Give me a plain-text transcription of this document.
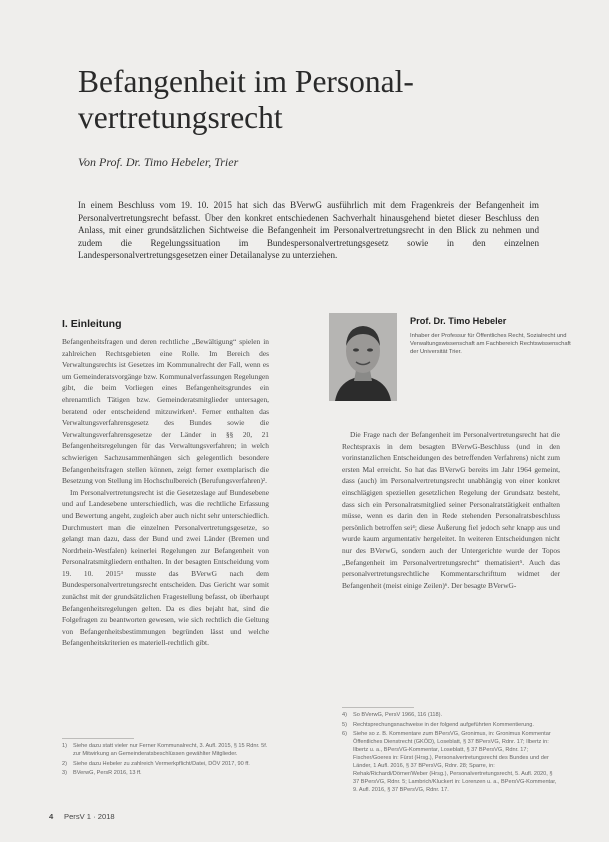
Befangenheit im Personalvertretungsrecht
Von Prof. Dr. Timo Hebeler, Trier

In einem Beschluss vom 19. 10. 2015 hat sich das BVerwG ausführlich mit dem Fragenkreis der Befangenheit im Personalvertretungsrecht befasst. Über den konkret entschiedenen Sachverhalt hinausgehend bietet dieser Beschluss den Anlass, mit einer grundsätzlichen Sichtweise die Befangenheit im Personalvertretungsrecht in den Blick zu nehmen und zudem die Regelungssituation im Bundespersonalvertretungsgesetz sowie in den einzelnen Landespersonalvertretungsgesetzen einer Detailanalyse zu unterziehen.

I. Einleitung

Befangenheitsfragen und deren rechtliche „Bewältigung“ spielen in zahlreichen Rechtsgebieten eine Rolle. Im Bereich des Verwaltungsrechts ist Gesetzes im Kommunalrecht der Fall, wenn es um Gemeinderatsvorgänge bzw. Kommunalverfassungen Regelungen gibt, die beim Vorliegen eines Befangenheitsgrundes ein ehrenamtlich Tätigen bzw. Gemeinderatsmitglieder untersagen, beratend oder entscheidend mitzuwirken¹. Ferner enthalten das Verwaltungsverfahrensgesetz des Bundes sowie die Verwaltungsverfahrensgesetze der Länder in §§ 20, 21 Befangenheitsregelungen für das Verwaltungsverfahren; in welch schwierigen Sachzusammenhängen sich gelegentlich besondere Befangenheitsfragen stellen können, zeigt ferner exemplarisch die Besetzung von Stellung im Hochschulbereich (Berufungsverfahren)².

Im Personalvertretungsrecht ist die Gesetzeslage auf Bundesebene und auf Landesebene unterschiedlich, was die rechtliche Erfassung und Bewertung angeht, zugleich aber auch nicht sehr unterschiedlich. Durchmustert man die einzelnen Personalvertretungsgesetze, so gelangt man dazu, dass der Bund und zwei Länder (Bremen und Nordrhein-Westfalen) keinerlei Regelungen zur Befangenheit von Personalratsmitgliedern enthalten. In der besagten Entscheidung vom 19. 10. 2015³ musste das BVerwG nach dem Bundespersonalvertretungsrecht entscheiden. Das Gericht war somit zunächst mit der grundsätzlichen Fragestellung befasst, ob überhaupt Befangenheitsregelungen gelten. Da es dies bejaht hat, sind die Folgefragen zu beantworten gewesen, wie sich rechtlich die Geltung von Befangenheitsbestimmungen begründen lässt und welche Befangenheitskriterien es materiell-rechtlich gibt.

Prof. Dr. Timo Hebeler

Inhaber der Professur für Öffentliches Recht, Sozialrecht und Verwaltungswissenschaft am Fachbereich Rechtswissenschaft der Universität Trier.

Die Frage nach der Befangenheit im Personalvertretungsrecht hat die Rechtspraxis in dem besagten BVerwG-Beschluss (und in den vorinstanzlichen Entscheidungen des betreffenden Verfahrens) nicht zum ersten Mal erreicht. So hat das BVerwG bereits im Jahr 1964 gemeint, dass (auch) im Personalvertretungsrecht unabhängig von einer konkret einschlägigen speziellen gesetzlichen Regelung der Grundsatz besteht, dass sich ein Personalratsmitglied seiner Personalratstätigkeit enthalten müsse, wenn es darin den in Rede stehenden Personalratsbeschluss persönlich betroffen sei⁴; diese Äußerung fiel jedoch sehr knapp aus und wurde kaum argumentativ hergeleitet. In weiteren Entscheidungen nicht nur des BVerwG, sondern auch der Untergerichte wurde der Topos „Befangenheit im Personalvertretungsrecht“ thematisiert⁵. Auch das personalvertretungsrechtliche Kommentarschrifttum widmet der Befangenheit (meist einige Zeilen)⁶. Der besagte BVerwG-

4) So BVerwG, PersV 1966, 116 (118).
5) Rechtsprechungsnachweise in der folgend aufgeführten Kommentierung.
6) Siehe so z. B. Kommentare zum BPersVG, Gronimus, in: Gronimus Kommentar Öffentliches Dienstrecht (GKÖD), Loseblatt, § 37 BPersVG, Rdnr. 17; Ilbertz in: Ilbertz u. a., BPersVG-Kommentar, Loseblatt, § 37 BPersVG, Rdnr. 17; Fischer/Goeres in: Fürst (Hrsg.), Personalvertretungsrecht des Bundes und der Länder, 1 Aufl. 2016, § 37 BPersVG, Rdnr. 28; Sparre, in: Rehak/Richardi/Dörner/Weber (Hrsg.), Personalvertretungsrecht, 5. Aufl. 2020, § 37 BPersVG, Rdnr. 5; Lambrich/Kluckert in: Lorenzen u. a., BPersVG-Kommentar, 9. Aufl. 2016, § 37 BPersVG, Rdnr. 17.
1) Siehe dazu statt vieler nur Ferner Kommunalrecht, 3. Aufl. 2015, § 15 Rdnr. 5f. zur Mitwirkung an Gemeinderatsbeschlüssen gewählter Mitglieder.
2) Siehe dazu Hebeler zu zahlreich Vermerkpflicht/Datei, DÖV 2017, 90 ff.
3) BVerwG, PersR 2016, 13 ff.
4 PersV 1 · 2018
